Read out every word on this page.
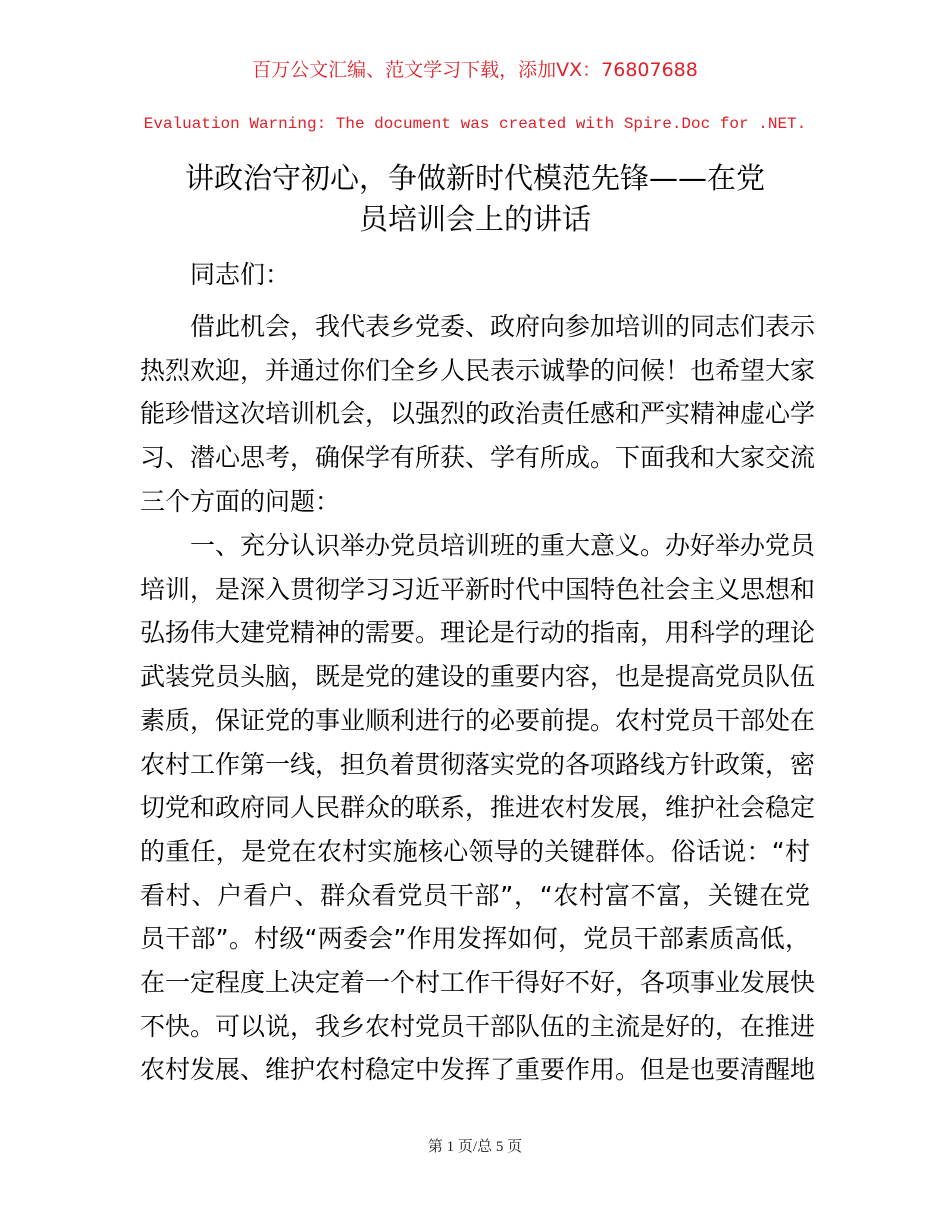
百万公文汇编、范文学习下载，添加VX：76807688
Evaluation Warning: The document was created with Spire.Doc for .NET.
讲政治守初心，争做新时代模范先锋——在党
员培训会上的讲话
同志们：
借此机会，我代表乡党委、政府向参加培训的同志们表示
热烈欢迎，并通过你们全乡人民表示诚挚的问候！也希望大家
能珍惜这次培训机会，以强烈的政治责任感和严实精神虚心学
习、潜心思考，确保学有所获、学有所成。下面我和大家交流
三个方面的问题：
一、充分认识举办党员培训班的重大意义。办好举办党员
培训，是深入贯彻学习习近平新时代中国特色社会主义思想和
弘扬伟大建党精神的需要。理论是行动的指南，用科学的理论
武装党员头脑，既是党的建设的重要内容，也是提高党员队伍
素质，保证党的事业顺利进行的必要前提。农村党员干部处在
农村工作第一线，担负着贯彻落实党的各项路线方针政策，密
切党和政府同人民群众的联系，推进农村发展，维护社会稳定
的重任，是党在农村实施核心领导的关键群体。俗话说：“村
看村、户看户、群众看党员干部”，“农村富不富，关键在党
员干部”。村级“两委会”作用发挥如何，党员干部素质高低，
在一定程度上决定着一个村工作干得好不好，各项事业发展快
不快。可以说，我乡农村党员干部队伍的主流是好的，在推进
农村发展、维护农村稳定中发挥了重要作用。但是也要清醒地
第 1 页/总 5 页
